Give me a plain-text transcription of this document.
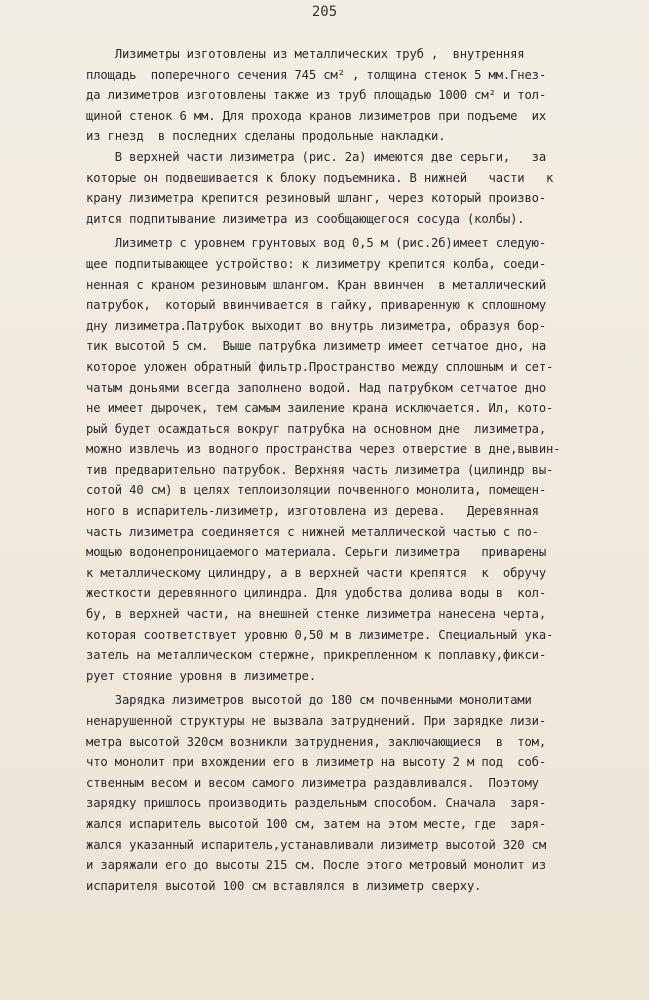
205
Лизиметры изготовлены из металлических труб ,  внутренняя
площадь  поперечного сечения 745 см² , толщина стенок 5 мм.Гнез-
да лизиметров изготовлены также из труб площадью 1000 см² и тол-
щиной стенок 6 мм. Для прохода кранов лизиметров при подъеме  их
из гнезд  в последних сделаны продольные накладки.
В верхней части лизиметра (рис. 2а) имеются две серьги,   за
которые он подвешивается к блоку подъемника. В нижней   части   к
крану лизиметра крепится резиновый шланг, через который произво-
дится подпитывание лизиметра из сообщающегося сосуда (колбы).
Лизиметр с уровнем грунтовых вод 0,5 м (рис.2б)имеет следую-
щее подпитывающее устройство: к лизиметру крепится колба, соеди-
ненная с краном резиновым шлангом. Кран ввинчен  в металлический
патрубок,  который ввинчивается в гайку, приваренную к сплошному
дну лизиметра.Патрубок выходит во внутрь лизиметра, образуя бор-
тик высотой 5 см.  Выше патрубка лизиметр имеет сетчатое дно, на
которое уложен обратный фильтр.Пространство между сплошным и сет-
чатым доньями всегда заполнено водой. Над патрубком сетчатое дно
не имеет дырочек, тем самым заиление крана исключается. Ил, кото-
рый будет осаждаться вокруг патрубка на основном дне  лизиметра,
можно извлечь из водного пространства через отверстие в дне,вывин-
тив предварительно патрубок. Верхняя часть лизиметра (цилиндр вы-
сотой 40 см) в целях теплоизоляции почвенного монолита, помещен-
ного в испаритель-лизиметр, изготовлена из дерева.   Деревянная
часть лизиметра соединяется с нижней металлической частью с по-
мощью водонепроницаемого материала. Серьги лизиметра   приварены
к металлическому цилиндру, а в верхней части крепятся  к  обручу
жесткости деревянного цилиндра. Для удобства долива воды в  кол-
бу, в верхней части, на внешней стенке лизиметра нанесена черта,
которая соответствует уровню 0,50 м в лизиметре. Специальный ука-
затель на металлическом стержне, прикрепленном к поплавку,фикси-
рует стояние уровня в лизиметре.
Зарядка лизиметров высотой до 180 см почвенными монолитами
ненарушенной структуры не вызвала затруднений. При зарядке лизи-
метра высотой 320см возникли затруднения, заключающиеся  в  том,
что монолит при вхождении его в лизиметр на высоту 2 м под  соб-
ственным весом и весом самого лизиметра раздавливался.  Поэтому
зарядку пришлось производить раздельным способом. Сначала  заря-
жался испаритель высотой 100 см, затем на этом месте, где  заря-
жался указанный испаритель,устанавливали лизиметр высотой 320 см
и заряжали его до высоты 215 см. После этого метровый монолит из
испарителя высотой 100 см вставлялся в лизиметр сверху.
